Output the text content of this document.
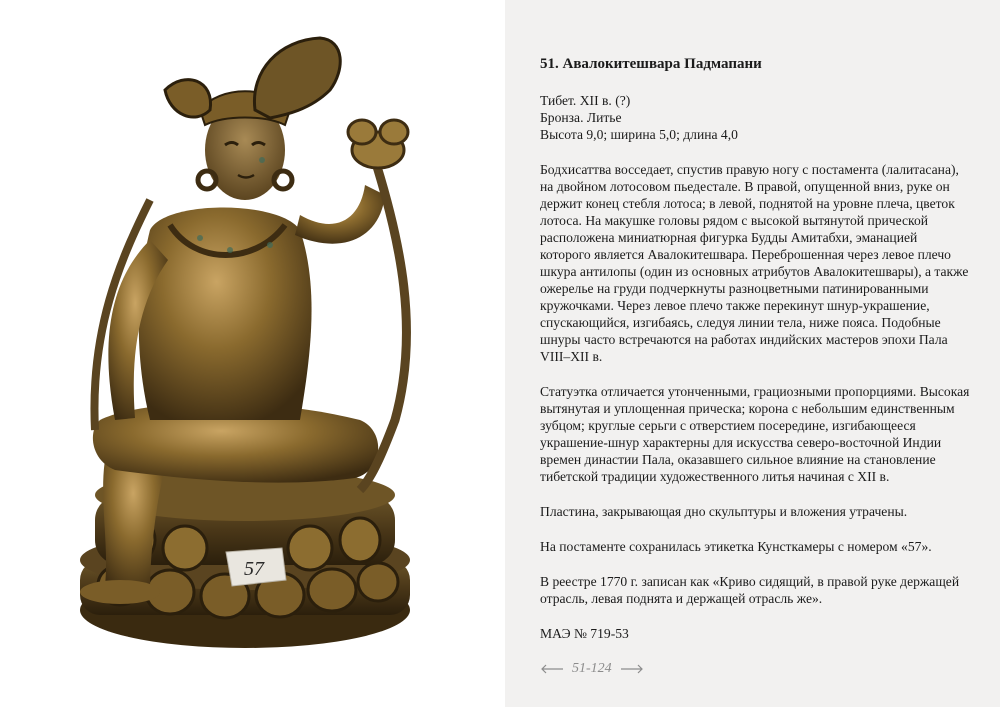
57
51. Авалокитешвара Падмапани
Тибет. XII в. (?)
Бронза. Литье
Высота 9,0; ширина 5,0; длина 4,0

Бодхисаттва восседает, спустив правую ногу с постамента (лалитасана), на двойном лотосовом пьедестале. В правой, опущенной вниз, руке он держит конец стебля лотоса; в левой, поднятой на уровне плеча, цветок лотоса. На макушке головы рядом с высокой вытянутой прической расположена миниатюрная фигурка Будды Амитабхи, эманацией которого является Авалокитешвара. Переброшенная через левое плечо шкура антилопы (один из основных атрибутов Авалокитешвары), а также ожерелье на груди подчеркнуты разноцветными патинированными кружочками. Через левое плечо также перекинут шнур-украшение, спускающийся, изгибаясь, следуя линии тела, ниже пояса. Подобные шнуры часто встречаются на работах индийских мастеров эпохи Пала VIII–XII в.

Статуэтка отличается утонченными, грациозными пропорциями. Высокая вытянутая и уплощенная прическа; корона с небольшим единственным зубцом; круглые серьги с отверстием посередине, изгибающееся украшение-шнур характерны для искусства северо-восточной Индии времен династии Пала, оказавшего сильное влияние на становление тибетской традиции художественного литья начиная с XII в.

Пластина, закрывающая дно скульптуры и вложения утрачены.

На постаменте сохранилась этикетка Кунсткамеры с номером «57».

В реестре 1770 г. записан как «Криво сидящий, в правой руке держащей отрасль, левая поднята и держащей отрасль же».

МАЭ № 719-53
51-124
